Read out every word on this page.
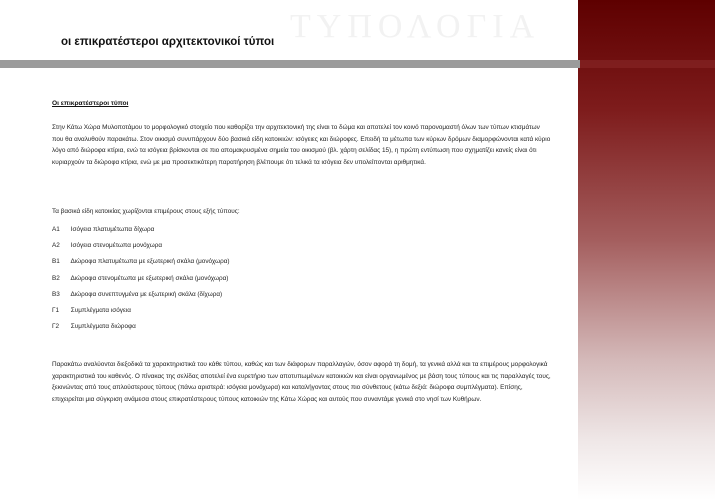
ΤΥΠΟΛΟΓΙΑ
οι επικρατέστεροι αρχιτεκτονικοί τύποι
Οι επικρατέστεροι τύποι
Στην Κάτω Χώρα Μυλοποτάμου το μορφολογικό στοιχείο που καθορίζει την αρχιτεκτονική της είναι το δώμα και αποτελεί τον κοινό παρονομαστή όλων των τύπων κτισμάτων που θα αναλυθούν παρακάτω. Στον οικισμό συνυπάρχουν δύο βασικά είδη κατοικιών: ισόγειες και διώροφες. Επειδή τα μέτωπα των κύριων δρόμων διαμορφώνονται κατά κύριο λόγο από διώροφα κτίρια, ενώ τα ισόγεια βρίσκονται σε πιο απομακρυσμένα σημεία του οικισμού (βλ. χάρτη σελίδας 15), η πρώτη εντύπωση που σχηματίζει κανείς είναι ότι κυριαρχούν τα διώροφα κτίρια, ενώ με μια προσεκτικότερη παρατήρηση βλέπουμε ότι τελικά τα ισόγεια δεν υπολείπονται αριθμητικά.
Τα βασικά είδη κατοικίας χωρίζονται επιμέρους στους εξής τύπους:
Α1 Ισόγεια πλατυμέτωπα δίχωρα
Α2 Ισόγεια στενομέτωπα μονόχωρα
Β1 Διώροφα πλατυμέτωπα με εξωτερική σκάλα (μονόχωρα)
Β2 Διώροφα στενομέτωπα με εξωτερική σκάλα (μονόχωρα)
Β3 Διώροφα συνεπτυγμένα με εξωτερική σκάλα (δίχωρα)
Γ1 Συμπλέγματα ισόγεια
Γ2 Συμπλέγματα διώροφα
Παρακάτω αναλύονται διεξοδικά τα χαρακτηριστικά του κάθε τύπου, καθώς και των διάφορων παραλλαγών, όσον αφορά τη δομή, τα γενικά αλλά και τα επιμέρους μορφολογικά χαρακτηριστικά του καθενός. Ο πίνακας της σελίδας αποτελεί ένα ευρετήριο των αποτυπωμένων κατοικιών και είναι οργανωμένος με βάση τους τύπους και τις παραλλαγές τους, ξεκινώντας από τους απλούστερους τύπους (πάνω αριστερά: ισόγεια μονόχωρα) και καταλήγοντας στους πιο σύνθετους (κάτω δεξιά: διώροφα συμπλέγματα). Επίσης, επιχειρείται μια σύγκριση ανάμεσα στους επικρατέστερους τύπους κατοικιών της Κάτω Χώρας και αυτούς που συναντάμε γενικά στο νησί των Κυθήρων.
